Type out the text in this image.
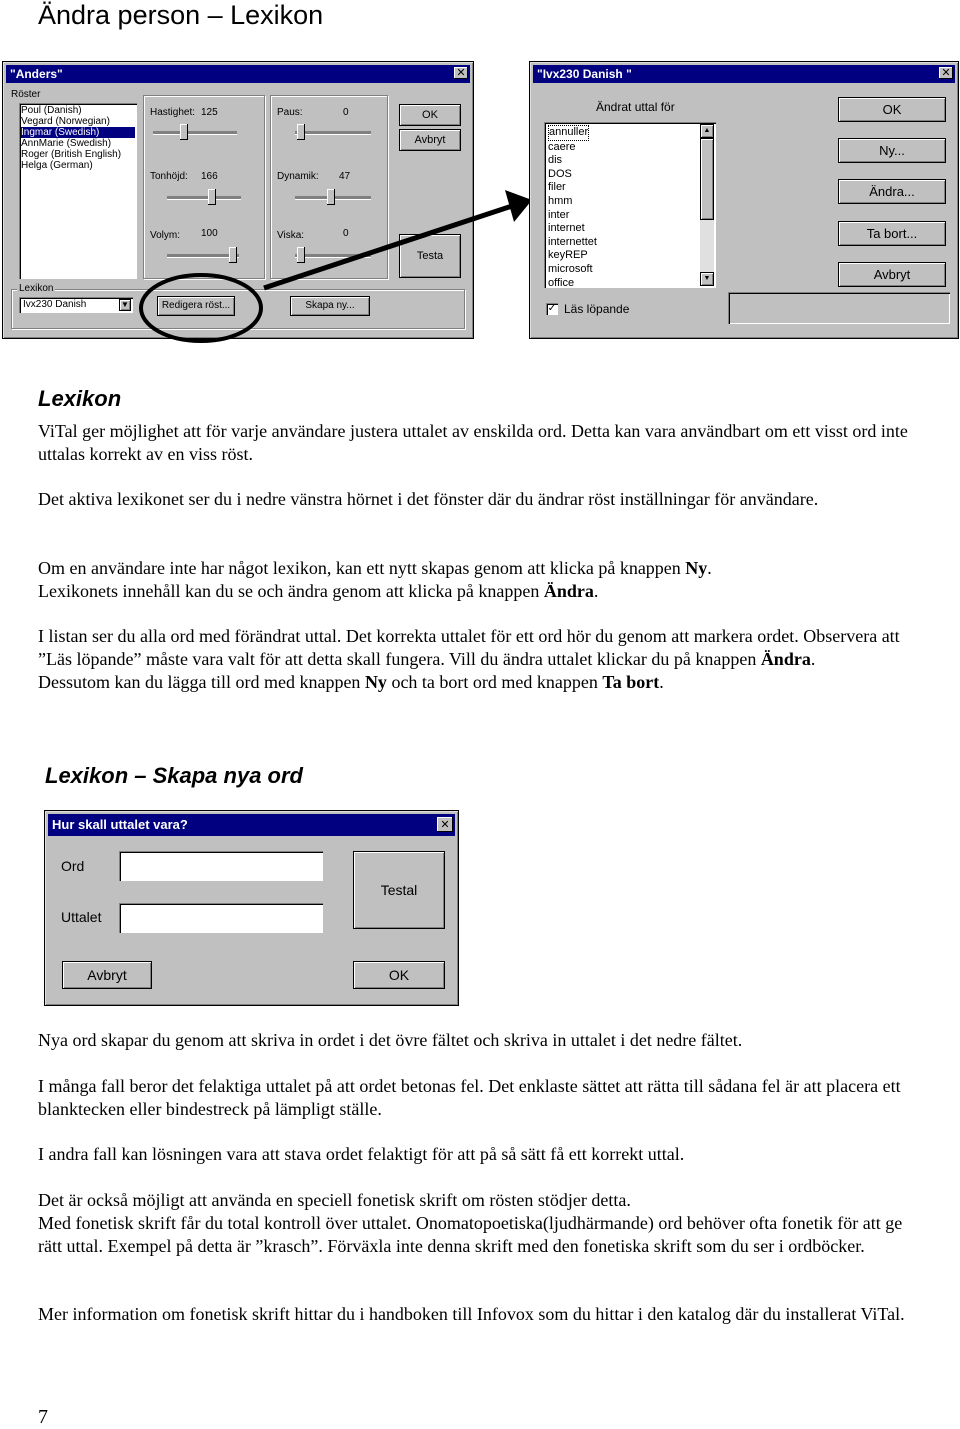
Ändra person – Lexikon
"Anders"	✕
Röster
Poul (Danish)
Vegard (Norwegian)
Ingmar (Swedish)
AnnMarie (Swedish)
Roger (British English)
Helga (German)
Hastighet: 125	Paus:	0
Tonhöjd: 166	Dynamik: 47
Volym: 100	Viska:	0
OK
Avbryt
Testa
Lexikon
Ivx230 Danish	▼	Redigera röst...	Skapa ny...
"Ivx230 Danish "	✕
Ändrat uttal för
annuller
caere
dis
DOS
filer
hmm
inter
internet
internettet
keyREP
microsoft
office
▲
▼
✓ Läs löpande
OK
Ny...
Ändra...
Ta bort...
Avbryt
Lexikon
ViTal ger möjlighet att för varje användare justera uttalet av enskilda ord. Detta kan vara användbart om ett visst ord inte uttalas korrekt av en viss röst.
Det aktiva lexikonet ser du i nedre vänstra hörnet i det fönster där du ändrar röst inställningar för användare.
Om en användare inte har något lexikon, kan ett nytt skapas genom att klicka på knappen Ny.
Lexikonets innehåll kan du se och ändra genom att klicka på knappen Ändra.
I listan ser du alla ord med förändrat uttal. Det korrekta uttalet för ett ord hör du genom att markera ordet. Observera att ”Läs löpande” måste vara valt för att detta skall fungera. Vill du ändra uttalet klickar du på knappen Ändra.
Dessutom kan du lägga till ord med knappen Ny och ta bort ord med knappen Ta bort.
Lexikon – Skapa nya ord
Hur skall uttalet vara?	✕
Ord
Uttalet
Testal
Avbryt	OK
Nya ord skapar du genom att skriva in ordet i det övre fältet och skriva in uttalet i det nedre fältet.
I många fall beror det felaktiga uttalet på att ordet betonas fel. Det enklaste sättet att rätta till sådana fel är att placera ett blanktecken eller bindestreck på lämpligt ställe.
I andra fall kan lösningen vara att stava ordet felaktigt för att på så sätt få ett korrekt uttal.
Det är också möjligt att använda en speciell fonetisk skrift om rösten stödjer detta.
Med fonetisk skrift får du total kontroll över uttalet. Onomatopoetiska(ljudhärmande) ord behöver ofta fonetik för att ge rätt uttal. Exempel på detta är ”krasch”. Förväxla inte denna skrift med den fonetiska skrift som du ser i ordböcker.
Mer information om fonetisk skrift hittar du i handboken till Infovox som du hittar i den katalog där du installerat ViTal.
7
